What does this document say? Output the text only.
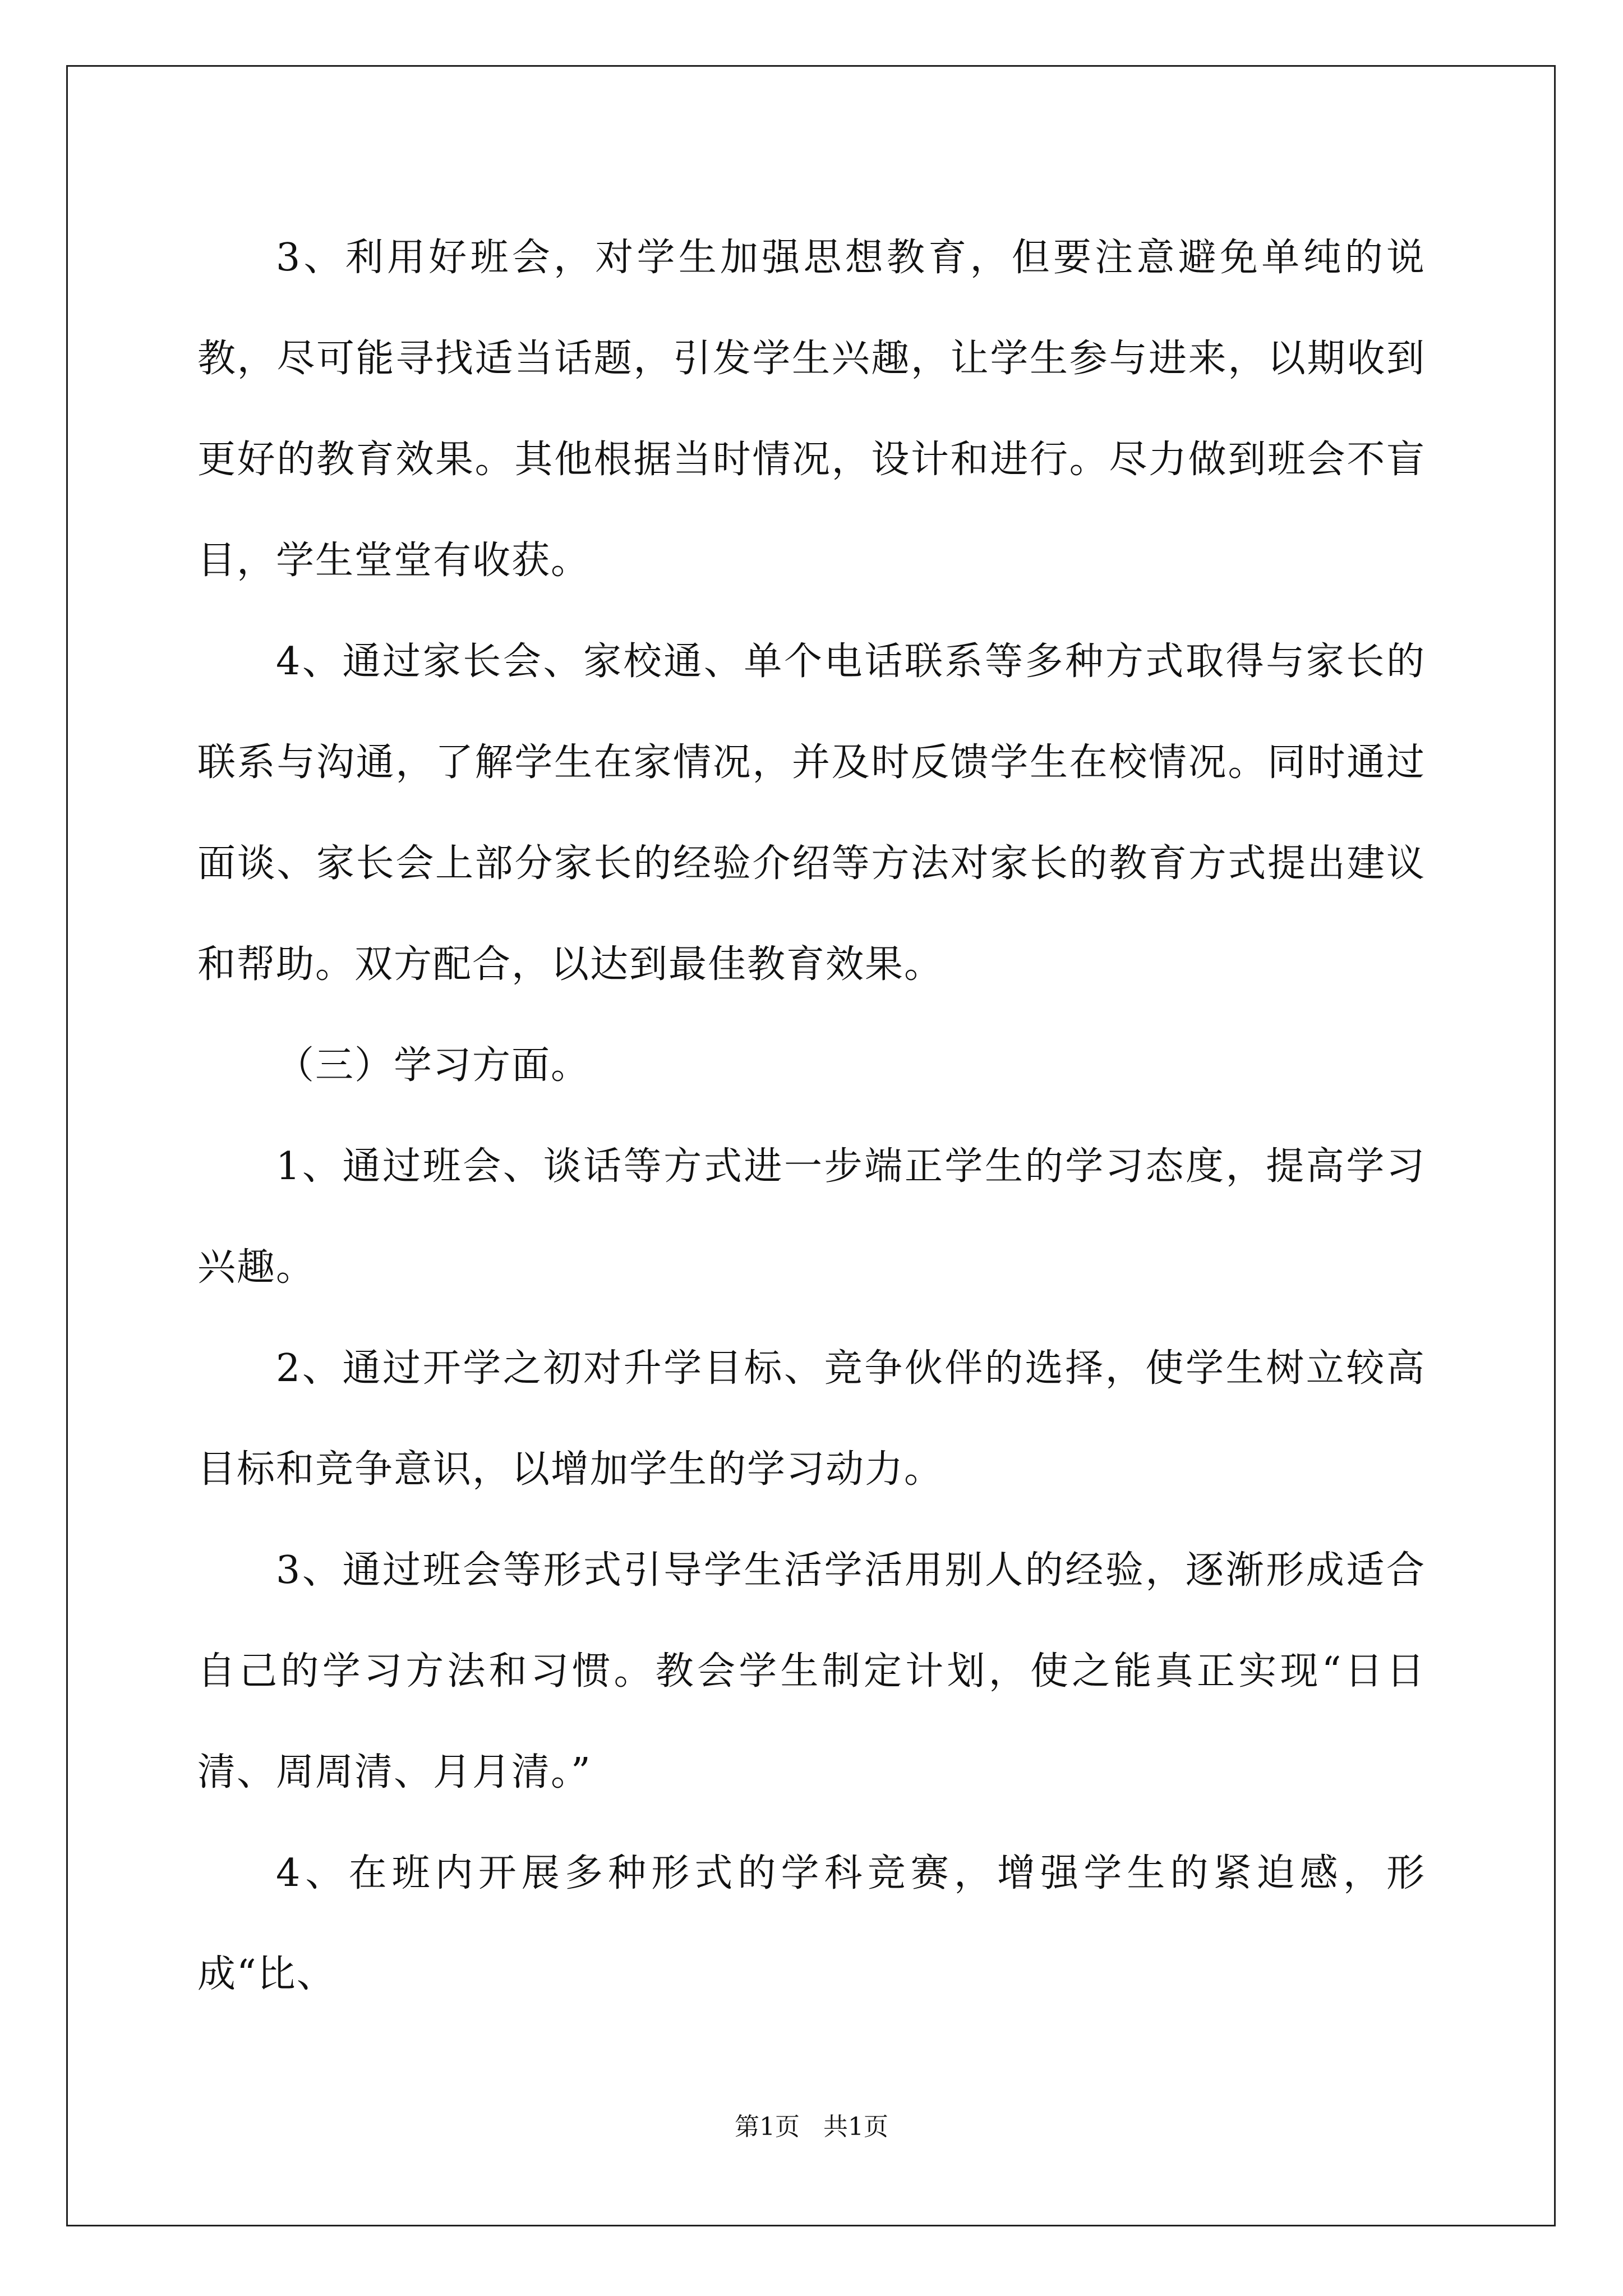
3、利用好班会，对学生加强思想教育，但要注意避免单纯的说教，尽可能寻找适当话题，引发学生兴趣，让学生参与进来，以期收到更好的教育效果。其他根据当时情况，设计和进行。尽力做到班会不盲目，学生堂堂有收获。

4、通过家长会、家校通、单个电话联系等多种方式取得与家长的联系与沟通，了解学生在家情况，并及时反馈学生在校情况。同时通过面谈、家长会上部分家长的经验介绍等方法对家长的教育方式提出建议和帮助。双方配合，以达到最佳教育效果。

（三）学习方面。

1、通过班会、谈话等方式进一步端正学生的学习态度，提高学习兴趣。

2、通过开学之初对升学目标、竞争伙伴的选择，使学生树立较高目标和竞争意识，以增加学生的学习动力。

3、通过班会等形式引导学生活学活用别人的经验，逐渐形成适合自己的学习方法和习惯。教会学生制定计划，使之能真正实现“日日清、周周清、月月清。”

4、在班内开展多种形式的学科竞赛，增强学生的紧迫感，形成“比、

第1页   共1页
